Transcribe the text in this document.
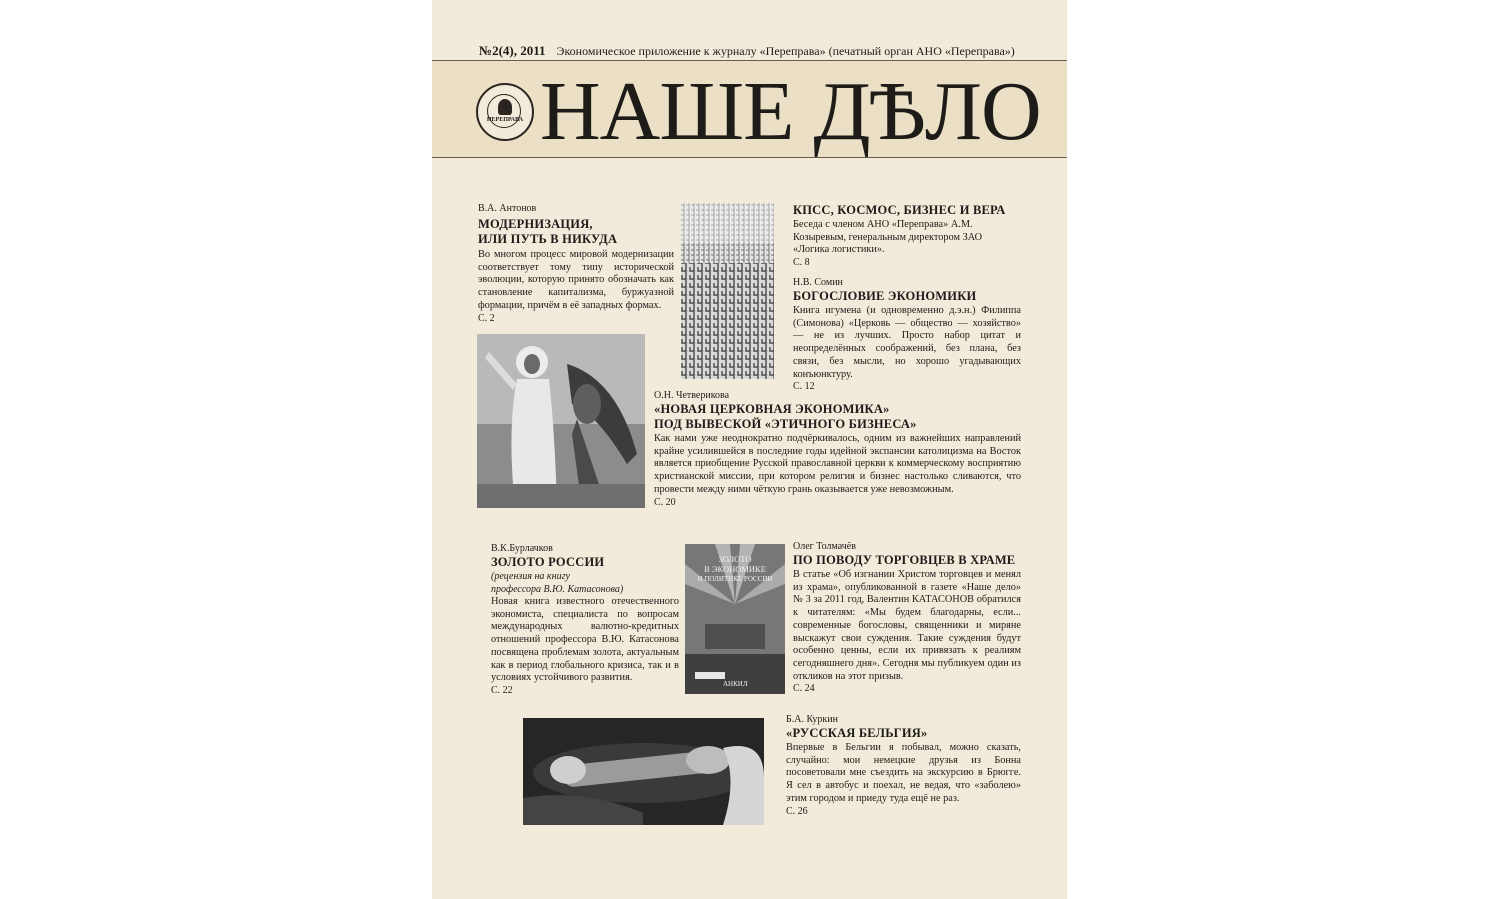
№2(4), 2011 Экономическое приложение к журналу «Переправа» (печатный орган АНО «Переправа»)
ПЕРЕПРАВА НАШЕ ДѢЛО
В.А. Антонов
МОДЕРНИЗАЦИЯ,
ИЛИ ПУТЬ В НИКУДА
Во многом процесс мировой модернизации соответствует тому типу исторической эволюции, которую принято обозначать как становление капитализма, буржуазной формации, причём в её западных формах.
С. 2
КПСС, КОСМОС, БИЗНЕС И ВЕРА
Беседа с членом АНО «Переправа» А.М. Козыревым, генеральным директором ЗАО «Логика логистики».
С. 8
Н.В. Сомин
БОГОСЛОВИЕ ЭКОНОМИКИ
Книга игумена (и одновременно д.э.н.) Филиппа (Симонова) «Церковь — общество — хозяйство» — не из лучших. Просто набор цитат и неопределённых соображений, без плана, без связи, без мысли, но хорошо угадывающих конъюнктуру.
С. 12
О.Н. Четверикова
«НОВАЯ ЦЕРКОВНАЯ ЭКОНОМИКА»
ПОД ВЫВЕСКОЙ «ЭТИЧНОГО БИЗНЕСА»
Как нами уже неоднократно подчёркивалось, одним из важнейших направлений крайне усилившейся в последние годы идейной экспансии католицизма на Восток является приобщение Русской православной церкви к коммерческому восприятию христианской миссии, при котором религия и бизнес настолько сливаются, что провести между ними чёткую грань оказывается уже невозможным.
С. 20
В.К.Бурлачков
ЗОЛОТО РОССИИ
(рецензия на книгу
профессора В.Ю. Катасонова)
Новая книга известного отечественного экономиста, специалиста по вопросам международных валютно-кредитных отношений профессора В.Ю. Катасонова посвящена проблемам золота, актуальным как в период глобального кризиса, так и в условиях устойчивого развития.
С. 22
ЗОЛОТО
В ЭКОНОМИКЕ
И ПОЛИТИКЕ РОССИИ
АНКИЛ
Олег Толмачёв
ПО ПОВОДУ ТОРГОВЦЕВ В ХРАМЕ
В статье «Об изгнании Христом торговцев и менял из храма», опубликованной в газете «Наше дело» № 3 за 2011 год, Валентин КАТАСОНОВ обратился к читателям: «Мы будем благодарны, если... современные богословы, священники и миряне выскажут свои суждения. Такие суждения будут особенно ценны, если их привязать к реалиям сегодняшнего дня». Сегодня мы публикуем один из откликов на этот призыв.
С. 24
Б.А. Куркин
«РУССКАЯ БЕЛЬГИЯ»
Впервые в Бельгии я побывал, можно сказать, случайно: мои немецкие друзья из Бонна посоветовали мне съездить на экскурсию в Брюгге. Я сел в автобус и поехал, не ведая, что «заболею» этим городом и приеду туда ещё не раз.
С. 26
